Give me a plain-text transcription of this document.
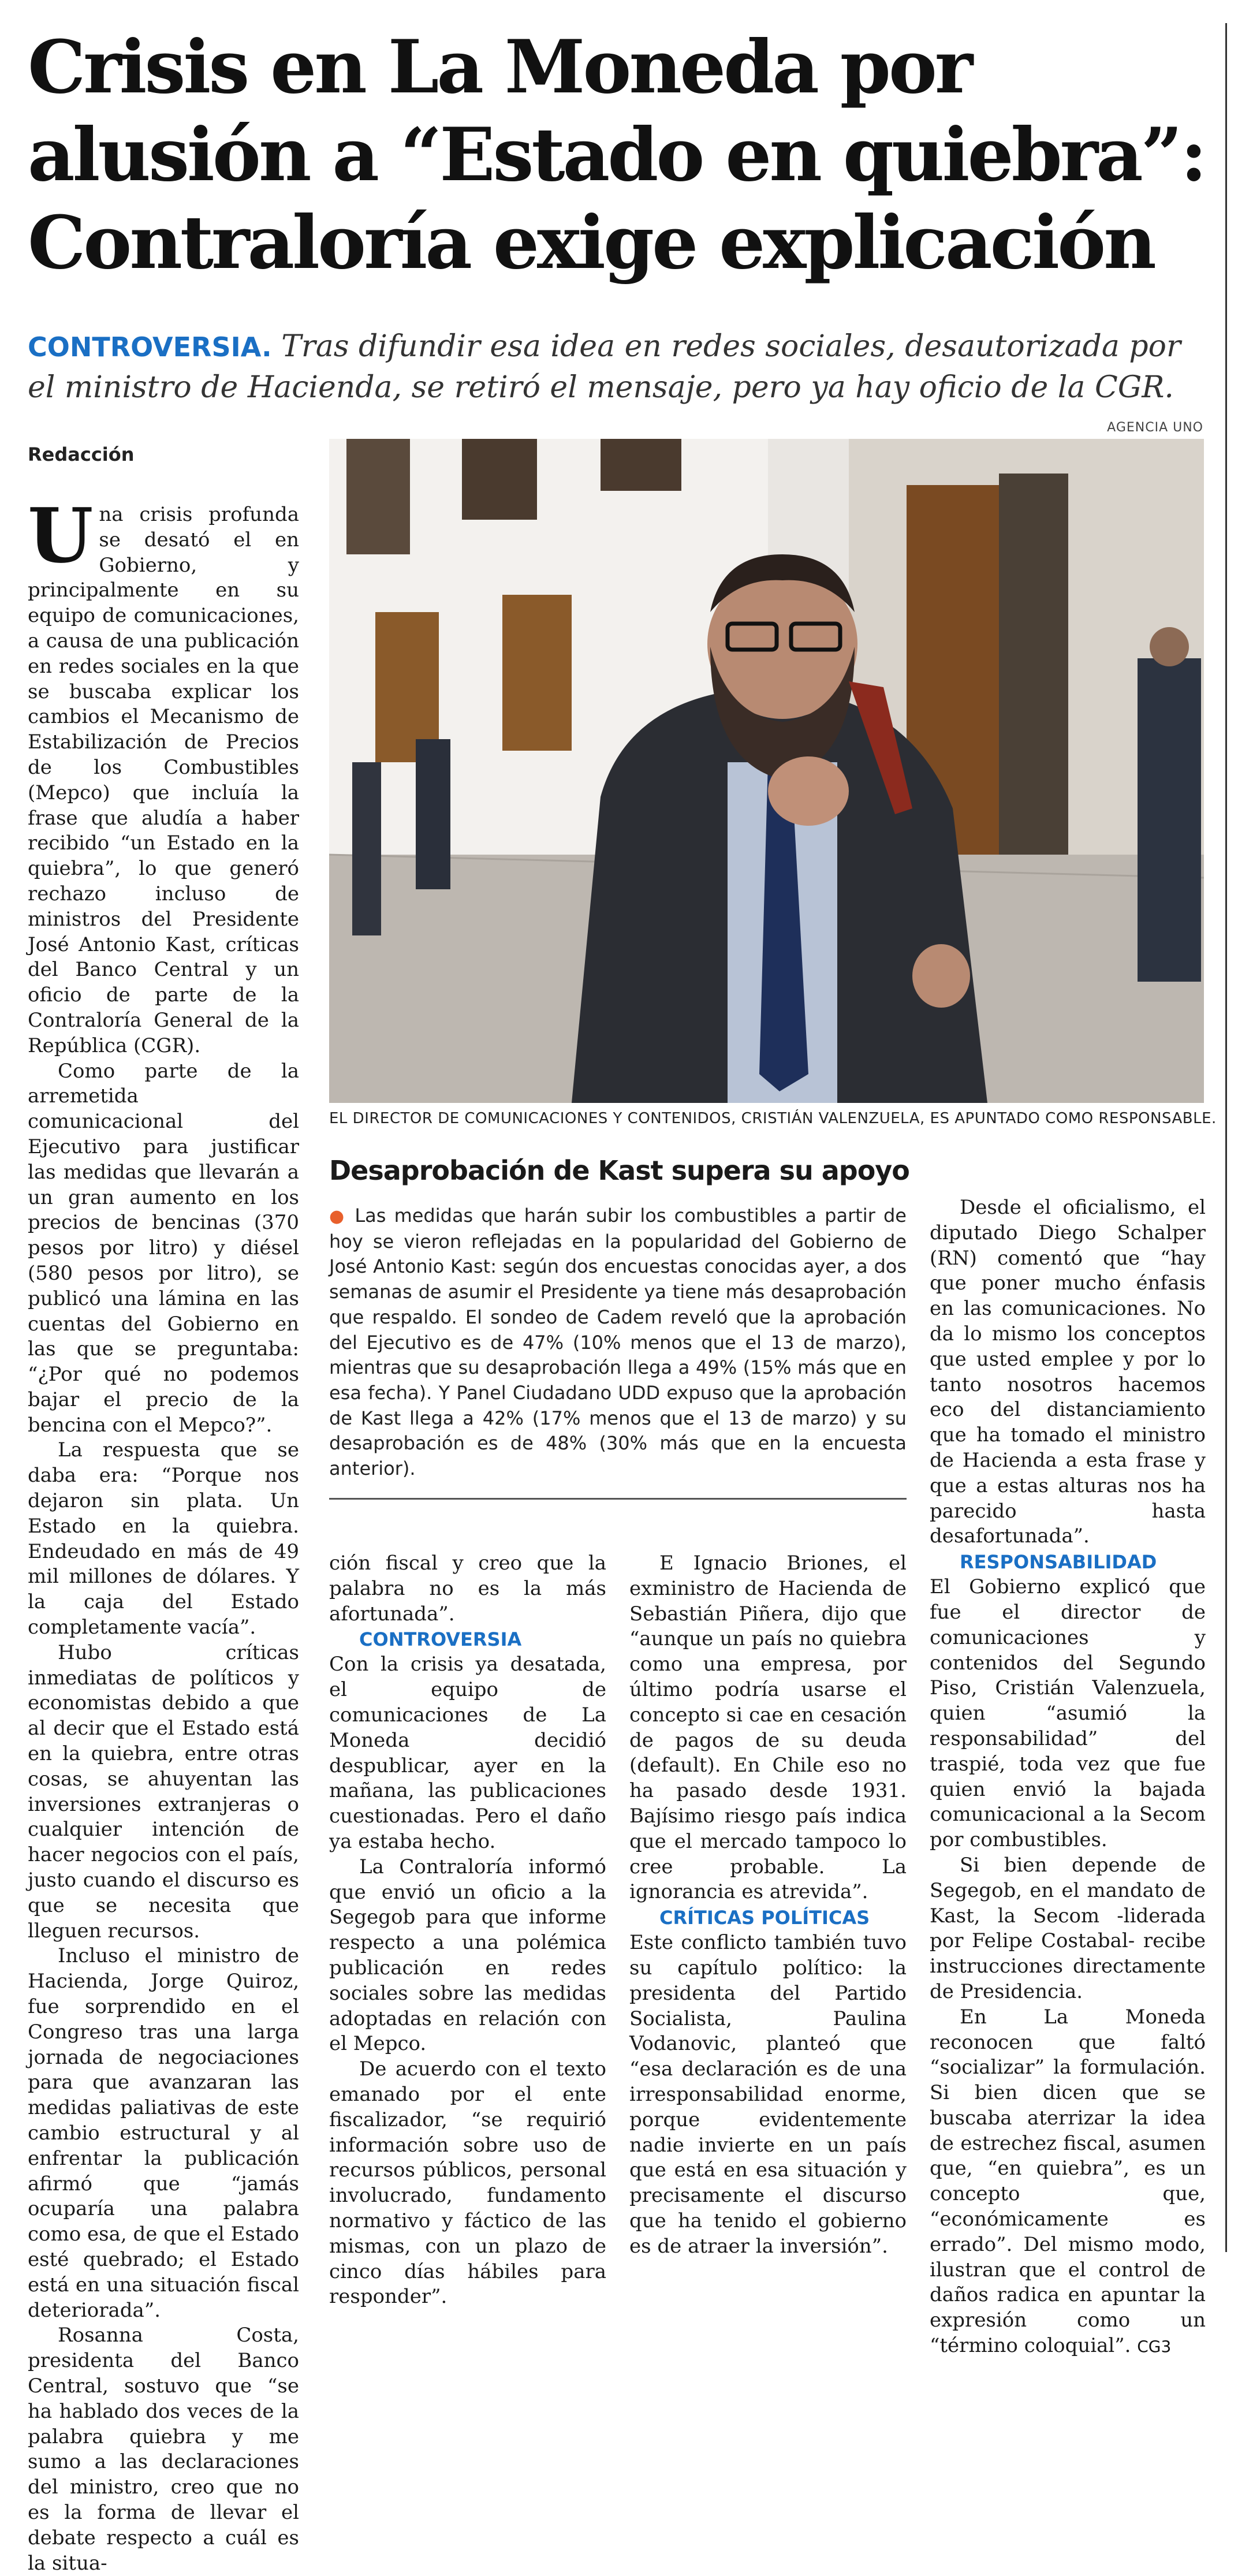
Crisis en La Moneda por
alusión a “Estado en quiebra”:
Contraloría exige explicación
CONTROVERSIA. Tras difundir esa idea en redes sociales, desautorizada por el ministro de Hacienda, se retiró el mensaje, pero ya hay oficio de la CGR.
AGENCIA UNO
Redacción
EL DIRECTOR DE COMUNICACIONES Y CONTENIDOS, CRISTIÁN VALENZUELA, ES APUNTADO COMO RESPONSABLE.

Una crisis profunda se desató el en Gobierno, y principalmente en su equipo de comunicaciones, a causa de una publicación en redes sociales en la que se buscaba explicar los cambios el Mecanismo de Estabilización de Precios de los Combustibles (Mepco) que incluía la frase que aludía a haber recibido “un Estado en la quiebra”, lo que generó rechazo incluso de ministros del Presidente José Antonio Kast, críticas del Banco Central y un oficio de parte de la Contraloría General de la República (CGR).

Como parte de la arremetida comunicacional del Ejecutivo para justificar las medidas que llevarán a un gran aumento en los precios de bencinas (370 pesos por litro) y diésel (580 pesos por litro), se publicó una lámina en las cuentas del Gobierno en las que se preguntaba: “¿Por qué no podemos bajar el precio de la bencina con el Mepco?”.

La respuesta que se daba era: “Porque nos dejaron sin plata. Un Estado en la quiebra. Endeudado en más de 49 mil millones de dólares. Y la caja del Estado completamente vacía”.

Hubo críticas inmediatas de políticos y economistas debido a que al decir que el Estado está en la quiebra, entre otras cosas, se ahuyentan las inversiones extranjeras o cualquier intención de hacer negocios con el país, justo cuando el discurso es que se necesita que lleguen recursos.

Incluso el ministro de Hacienda, Jorge Quiroz, fue sorprendido en el Congreso tras una larga jornada de negociaciones para que avanzaran las medidas paliativas de este cambio estructural y al enfrentar la publicación afirmó que “jamás ocuparía una palabra como esa, de que el Estado esté quebrado; el Estado está en una situación fiscal deteriorada”.

Rosanna Costa, presidenta del Banco Central, sostuvo que “se ha hablado dos veces de la palabra quiebra y me sumo a las declaraciones del ministro, creo que no es la forma de llevar el debate respecto a cuál es la situa-

Desaprobación de Kast supera su apoyo
● Las medidas que harán subir los combustibles a partir de hoy se vieron reflejadas en la popularidad del Gobierno de José Antonio Kast: según dos encuestas conocidas ayer, a dos semanas de asumir el Presidente ya tiene más desaprobación que respaldo. El sondeo de Cadem reveló que la aprobación del Ejecutivo es de 47% (10% menos que el 13 de marzo), mientras que su desaprobación llega a 49% (15% más que en esa fecha). Y Panel Ciudadano UDD expuso que la aprobación de Kast llega a 42% (17% menos que el 13 de marzo) y su desaprobación es de 48% (30% más que en la encuesta anterior).

ción fiscal y creo que la palabra no es la más afortunada”.

CONTROVERSIA

Con la crisis ya desatada, el equipo de comunicaciones de La Moneda decidió despublicar, ayer en la mañana, las publicaciones cuestionadas. Pero el daño ya estaba hecho.

La Contraloría informó que envió un oficio a la Segegob para que informe respecto a una polémica publicación en redes sociales sobre las medidas adoptadas en relación con el Mepco.

De acuerdo con el texto emanado por el ente fiscalizador, “se requirió información sobre uso de recursos públicos, personal involucrado, fundamento normativo y fáctico de las mismas, con un plazo de cinco días hábiles para responder”.

E Ignacio Briones, el exministro de Hacienda de Sebastián Piñera, dijo que “aunque un país no quiebra como una empresa, por último podría usarse el concepto si cae en cesación de pagos de su deuda (default). En Chile eso no ha pasado desde 1931. Bajísimo riesgo país indica que el mercado tampoco lo cree probable. La ignorancia es atrevida”.

CRÍTICAS POLÍTICAS

Este conflicto también tuvo su capítulo político: la presidenta del Partido Socialista, Paulina Vodanovic, planteó que “esa declaración es de una irresponsabilidad enorme, porque evidentemente nadie invierte en un país que está en esa situación y precisamente el discurso que ha tenido el gobierno es de atraer la inversión”.

Desde el oficialismo, el diputado Diego Schalper (RN) comentó que “hay que poner mucho énfasis en las comunicaciones. No da lo mismo los conceptos que usted emplee y por lo tanto nosotros hacemos eco del distanciamiento que ha tomado el ministro de Hacienda a esta frase y que a estas alturas nos ha parecido hasta desafortunada”.

RESPONSABILIDAD

El Gobierno explicó que fue el director de comunicaciones y contenidos del Segundo Piso, Cristián Valenzuela, quien “asumió la responsabilidad” del traspié, toda vez que fue quien envió la bajada comunicacional a la Secom por combustibles.

Si bien depende de Segegob, en el mandato de Kast, la Secom -liderada por Felipe Costabal- recibe instrucciones directamente de Presidencia.

En La Moneda reconocen que faltó “socializar” la formulación. Si bien dicen que se buscaba aterrizar la idea de estrechez fiscal, asumen que, “en quiebra”, es un concepto que, “económicamente es errado”. Del mismo modo, ilustran que el control de daños radica en apuntar la expresión como un “término coloquial”. CG3
